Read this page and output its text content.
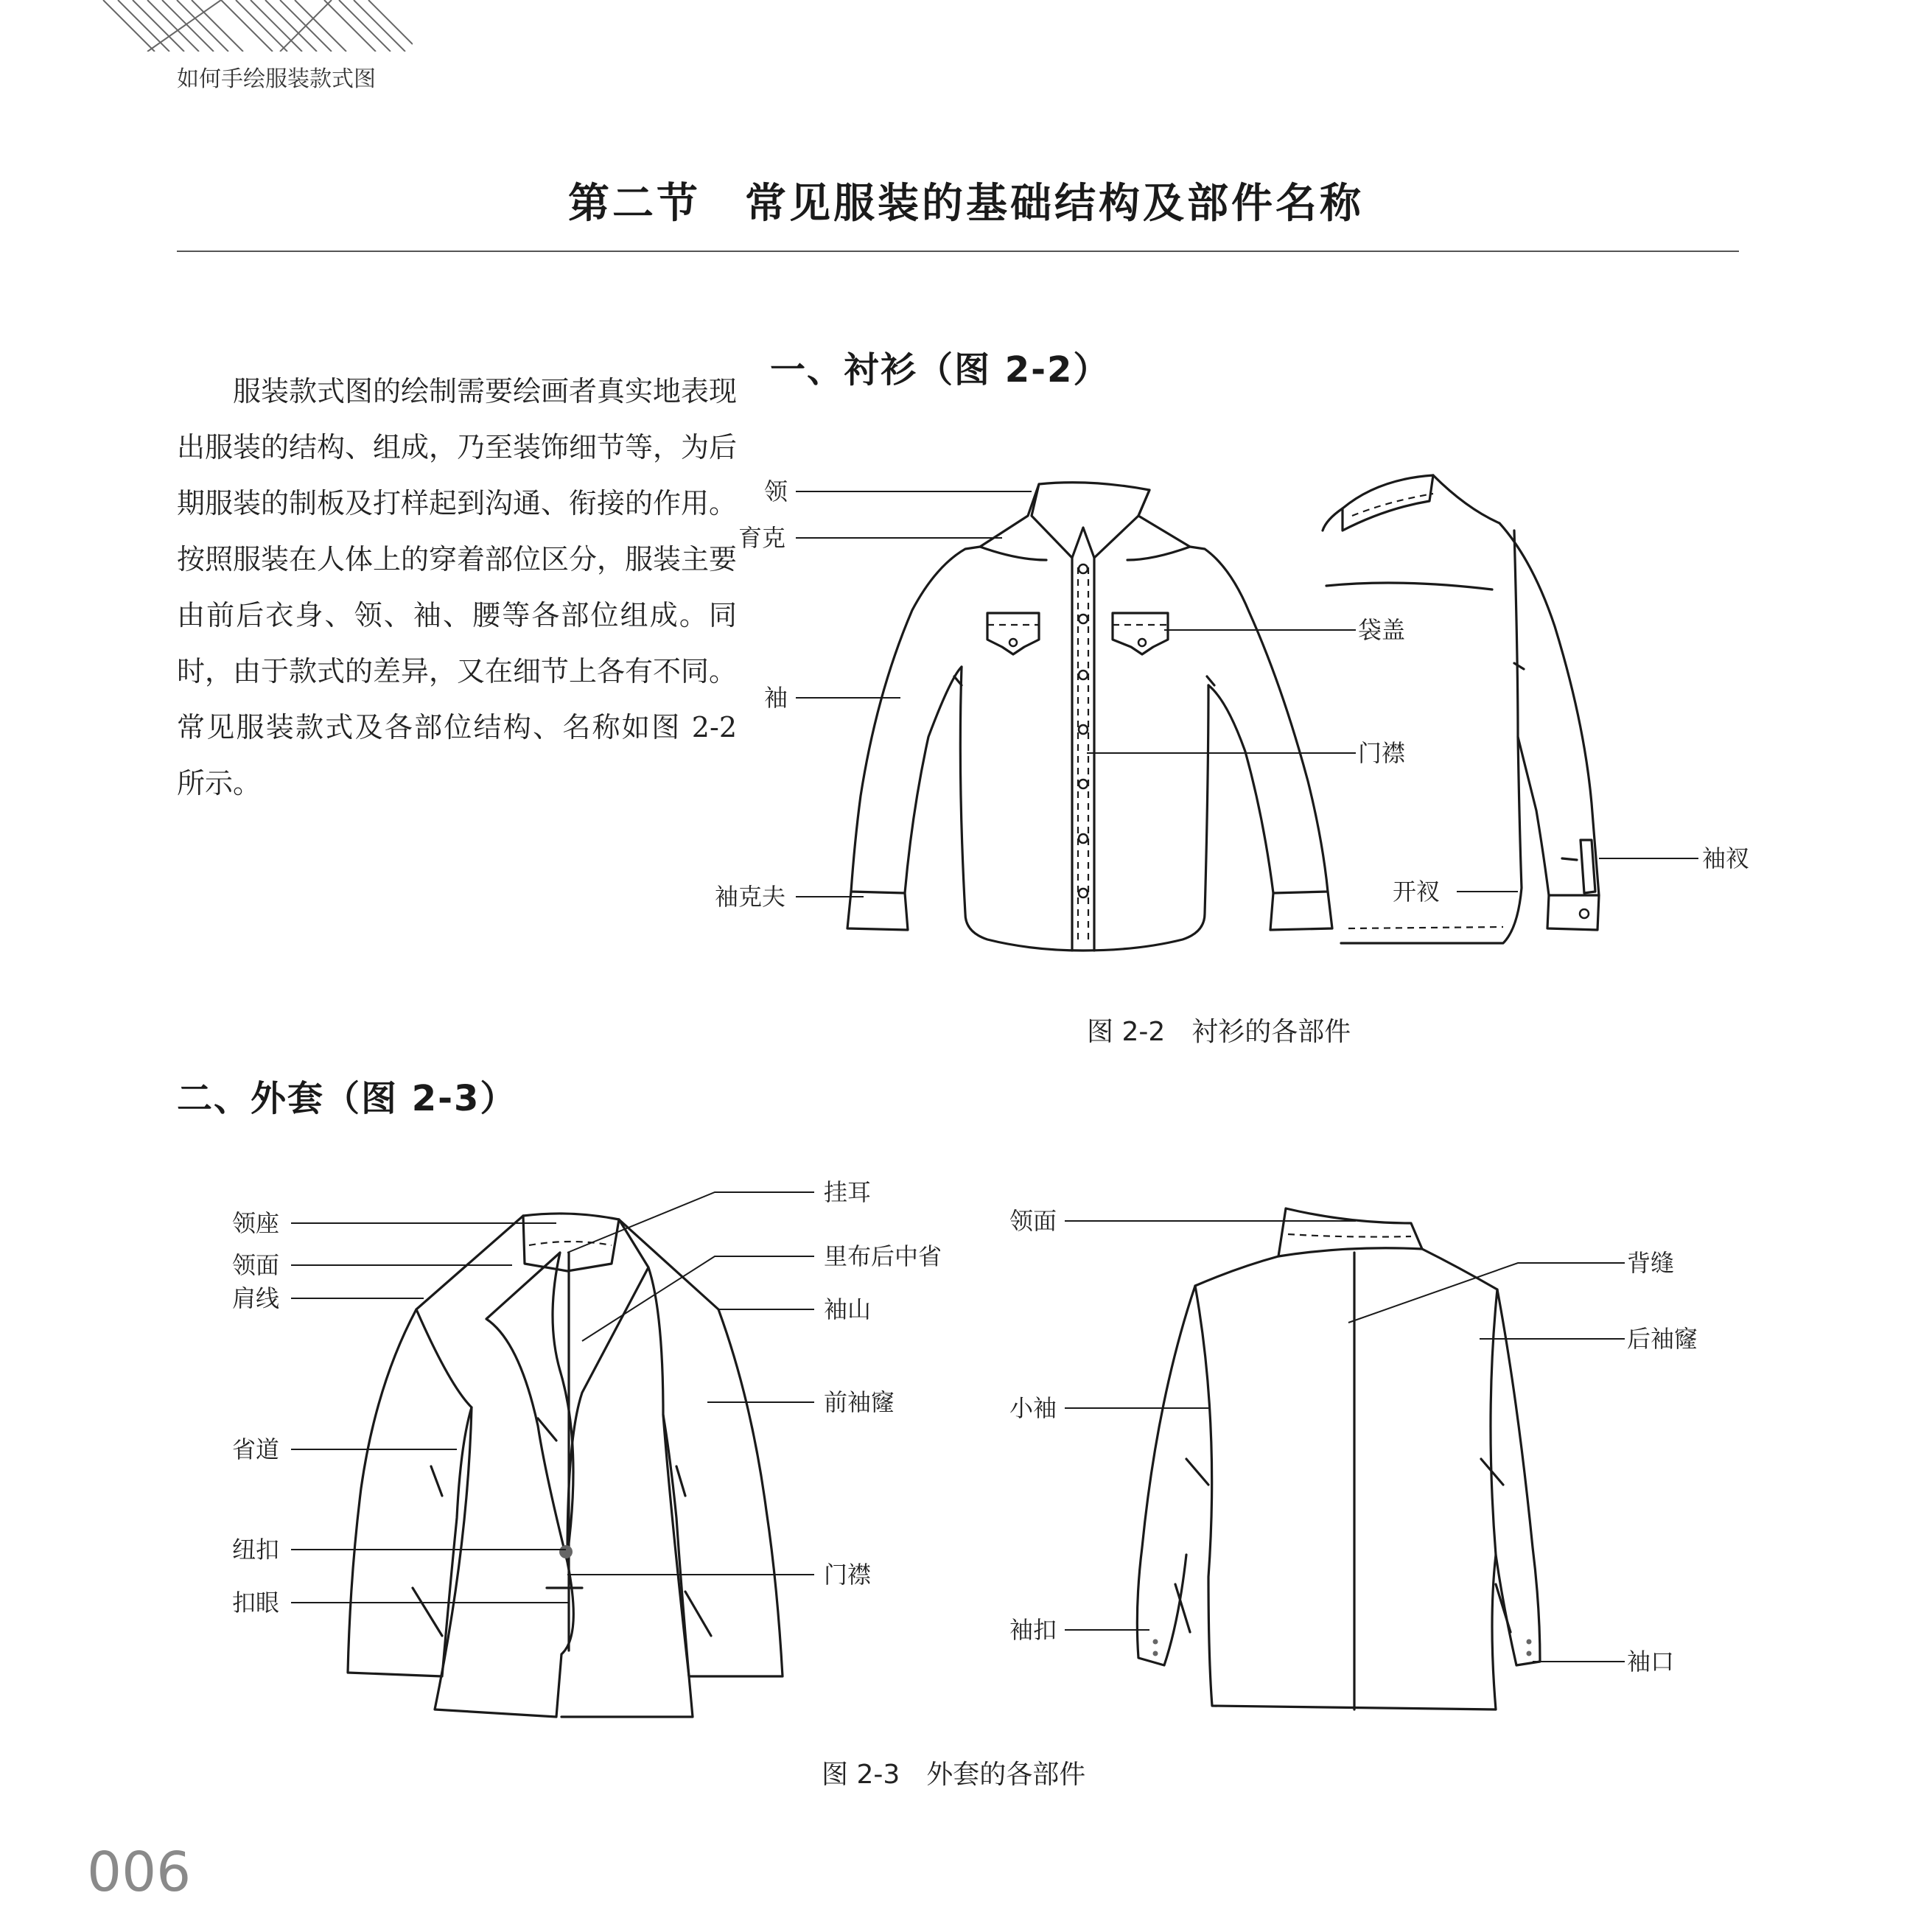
如何手绘服装款式图
第二节　常见服装的基础结构及部件名称

服装款式图的绘制需要绘画者真实地表现出服装的结构、组成，乃至装饰细节等，为后期服装的制板及打样起到沟通、衔接的作用。按照服装在人体上的穿着部位区分，服装主要由前后衣身、领、袖、腰等各部位组成。同时，由于款式的差异，又在细节上各有不同。常见服装款式及各部位结构、名称如图 2-2 所示。

一、衬衫（图 2-2）
二、外套（图 2-3）
领
育克
袖
袖克夫
袋盖
门襟
开衩
袖衩
图 2-2　衬衫的各部件
领座
领面
肩线
省道
纽扣
扣眼
挂耳
里布后中省
袖山
前袖窿
门襟
领面
背缝
后袖窿
小袖
袖扣
袖口
图 2-3　外套的各部件
006
